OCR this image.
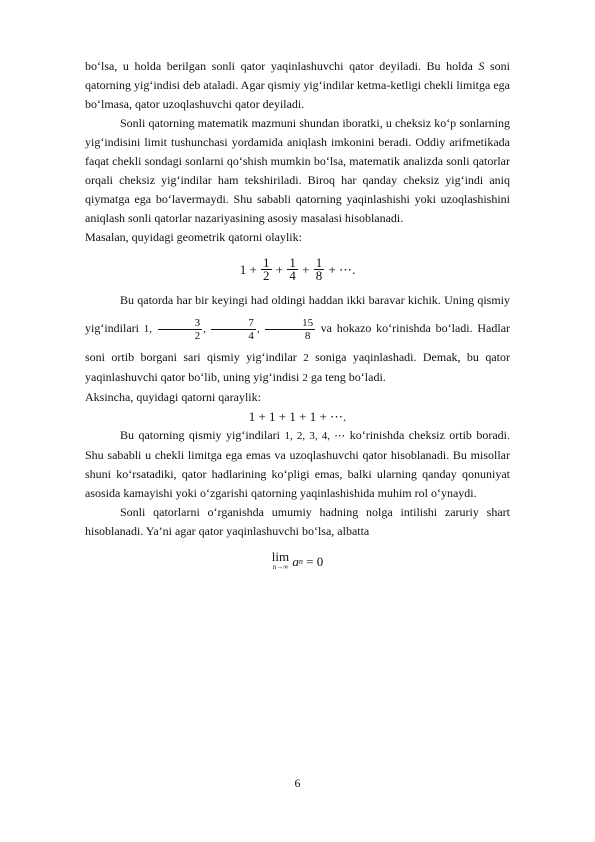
bo‘lsa, u holda berilgan sonli qator yaqinlashuvchi qator deyiladi. Bu holda S soni qatorning yig‘indisi deb ataladi. Agar qismiy yig‘indilar ketma-ketligi chekli limitga ega bo‘lmasa, qator uzoqlashuvchi qator deyiladi.

Sonli qatorning matematik mazmuni shundan iboratki, u cheksiz ko‘p sonlarning yig‘indisini limit tushunchasi yordamida aniqlash imkonini beradi. Oddiy arifmetikada faqat chekli sondagi sonlarni qo‘shish mumkin bo‘lsa, matematik analizda sonli qatorlar orqali cheksiz yig‘indilar ham tekshiriladi. Biroq har qanday cheksiz yig‘indi aniq qiymatga ega bo‘lavermaydi. Shu sababli qatorning yaqinlashishi yoki uzoqlashishini aniqlash sonli qatorlar nazariyasining asosiy masalasi hisoblanadi.

Masalan, quyidagi geometrik qatorni olaylik:

1 +
$\frac{1}{2}$
+
$\frac{1}{4}$
+
$\frac{1}{8}$
+ ⋯ .

Bu qatorda har bir keyingi had oldingi haddan ikki baravar kichik. Uning qismiy yig‘indilari 1, $\frac{3}{2}$ , $\frac{7}{4}$ , $\frac{15}{8}$ va hokazo ko‘rinishda bo‘ladi. Hadlar soni ortib borgani sari qismiy yig‘indilar 2 soniga yaqinlashadi. Demak, bu qator yaqinlashuvchi qator bo‘lib, uning yig‘indisi 2 ga teng bo‘ladi.

Aksincha, quyidagi qatorni qaraylik:

1 + 1 + 1 + 1 + ⋯ .

Bu qatorning qismiy yig‘indilari 1, 2, 3, 4, ⋯ ko‘rinishda cheksiz ortib boradi. Shu sababli u chekli limitga ega emas va uzoqlashuvchi qator hisoblanadi. Bu misollar shuni ko‘rsatadiki, qator hadlarining ko‘pligi emas, balki ularning qanday qonuniyat asosida kamayishi yoki o‘zgarishi qatorning yaqinlashishida muhim rol o‘ynaydi.

Sonli qatorlarni o‘rganishda umumiy hadning nolga intilishi zaruriy shart hisoblanadi. Ya’ni agar qator yaqinlashuvchi bo‘lsa, albatta

lim
n→∞
a n
= 0
6
